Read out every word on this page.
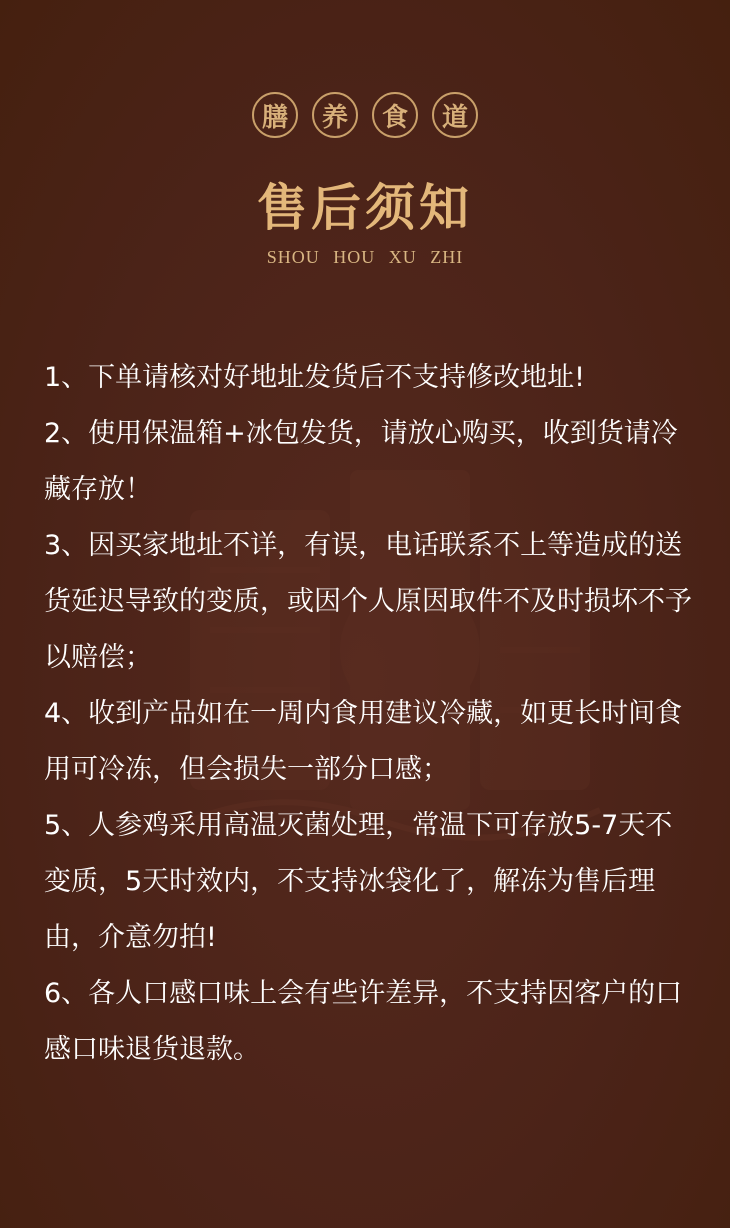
膳	养	食	道
售后须知
SHOU HOU XU ZHI

1、下单请核对好地址发货后不支持修改地址!

2、使用保温箱+冰包发货，请放心购买，收到货请冷藏存放！

3、因买家地址不详，有误，电话联系不上等造成的送货延迟导致的变质，或因个人原因取件不及时损坏不予以赔偿；

4、收到产品如在一周内食用建议冷藏，如更长时间食用可冷冻，但会损失一部分口感；

5、人参鸡采用高温灭菌处理，常温下可存放5-7天不变质，5天时效内，不支持冰袋化了，解冻为售后理由，介意勿拍!

6、各人口感口味上会有些许差异，不支持因客户的口感口味退货退款。
